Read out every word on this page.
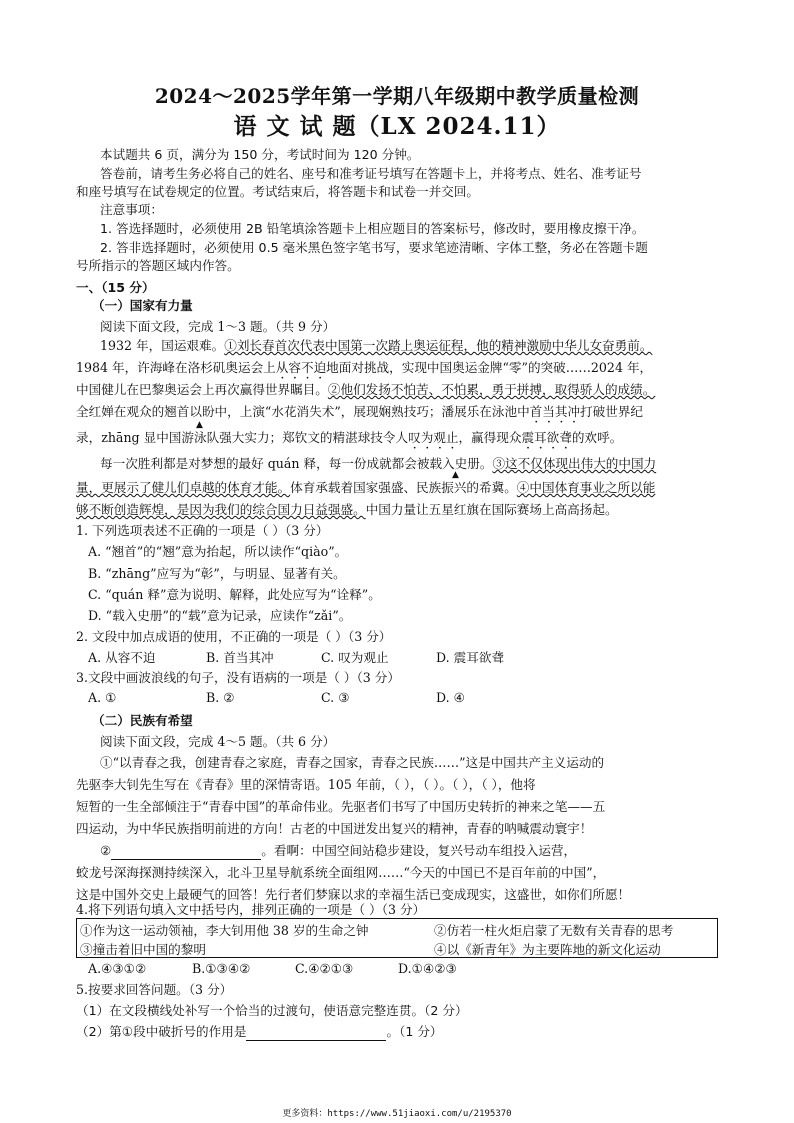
2024～2025学年第一学期八年级期中教学质量检测
语 文 试 题（LX 2024.11）
本试题共 6 页，满分为 150 分，考试时间为 120 分钟。
答卷前，请考生务必将自己的姓名、座号和准考证号填写在答题卡上，并将考点、姓名、准考证号
和座号填写在试卷规定的位置。考试结束后，将答题卡和试卷一并交回。
注意事项：
1. 答选择题时，必须使用 2B 铅笔填涂答题卡上相应题目的答案标号，修改时，要用橡皮擦干净。
2. 答非选择题时，必须使用 0.5 毫米黑色签字笔书写，要求笔迹清晰、字体工整，务必在答题卡题
号所指示的答题区域内作答。
一、（15 分）
（一）国家有力量
阅读下面文段，完成 1～3 题。（共 9 分）
1932 年，国运艰难。①刘长春首次代表中国第一次踏上奥运征程，他的精神激励中华儿女奋勇前。
1984 年，许海峰在洛杉矶奥运会上从容不迫地面对挑战，实现中国奥运金牌“零”的突破……2024 年，
中国健儿在巴黎奥运会上再次赢得世界瞩目。②他们发扬不怕苦、不怕累，勇于拼搏，取得骄人的成绩。
全红婵在观众的翘首以盼中，上演“水花消失术”，展现娴熟技巧；潘展乐在泳池中首当其冲打破世界纪
▲
录，zhāng 显中国游泳队强大实力；郑钦文的精湛球技令人叹为观止，赢得现众震耳欲聋的欢呼。
每一次胜利都是对梦想的最好 quán 释，每一份成就都会被载入史册。③这不仅体现出伟大的中国力
▲
量，更展示了健儿们卓越的体育才能。体育承载着国家强盛、民族振兴的希冀。④中国体育事业之所以能
够不断创造辉煌，是因为我们的综合国力日益强盛。中国力量让五星红旗在国际赛场上高高扬起。
1. 下列选项表述不正确的一项是（ ）（3 分）
A. “翘首”的“翘”意为抬起，所以读作“qiào”。
B. “zhāng”应写为“彰”，与明显、显著有关。
C. “quán 释”意为说明、解释，此处应写为“诠释”。
D. “载入史册”的“载”意为记录，应读作“zǎi”。
2. 文段中加点成语的使用，不正确的一项是（ ）（3 分）
A. 从容不迫	B. 首当其冲	C. 叹为观止	D. 震耳欲聋
3.文段中画波浪线的句子，没有语病的一项是（ ）（3 分）
A. ①	B. ②	C. ③	D. ④
（二）民族有希望
阅读下面文段，完成 4～5 题。（共 6 分）
①“以青春之我，创建青春之家庭，青春之国家，青春之民族……”这是中国共产主义运动的
先驱李大钊先生写在《青春》里的深情寄语。105 年前，（ ），（ ）。（ ），（ ），他将
短暂的一生全部倾注于“青春中国”的革命伟业。先驱者们书写了中国历史转折的神来之笔——五
四运动，为中华民族指明前进的方向！古老的中国迸发出复兴的精神，青春的呐喊震动寰宇！
②	。看啊：中国空间站稳步建设，复兴号动车组投入运营，
蛟龙号深海探测持续深入，北斗卫星导航系统全面组网……“今天的中国已不是百年前的中国”，
这是中国外交史上最硬气的回答！先行者们梦寐以求的幸福生活已变成现实，这盛世，如你们所愿！
4.将下列语句填入文中括号内，排列正确的一项是（ ）（3 分）
①作为这一运动领袖，李大钊用他 38 岁的生命之钟	②仿若一柱火炬启蒙了无数有关青春的思考
③撞击着旧中国的黎明	④以《新青年》为主要阵地的新文化运动
A.④③①②	B.①③④②	C.④②①③	D.①④②③
5.按要求回答问题。（3 分）
（1）在文段横线处补写一个恰当的过渡句，使语意完整连贯。（2 分）
（2）第①段中破折号的作用是	。（1 分）
更多资料：https://www.51jiaoxi.com/u/2195370
